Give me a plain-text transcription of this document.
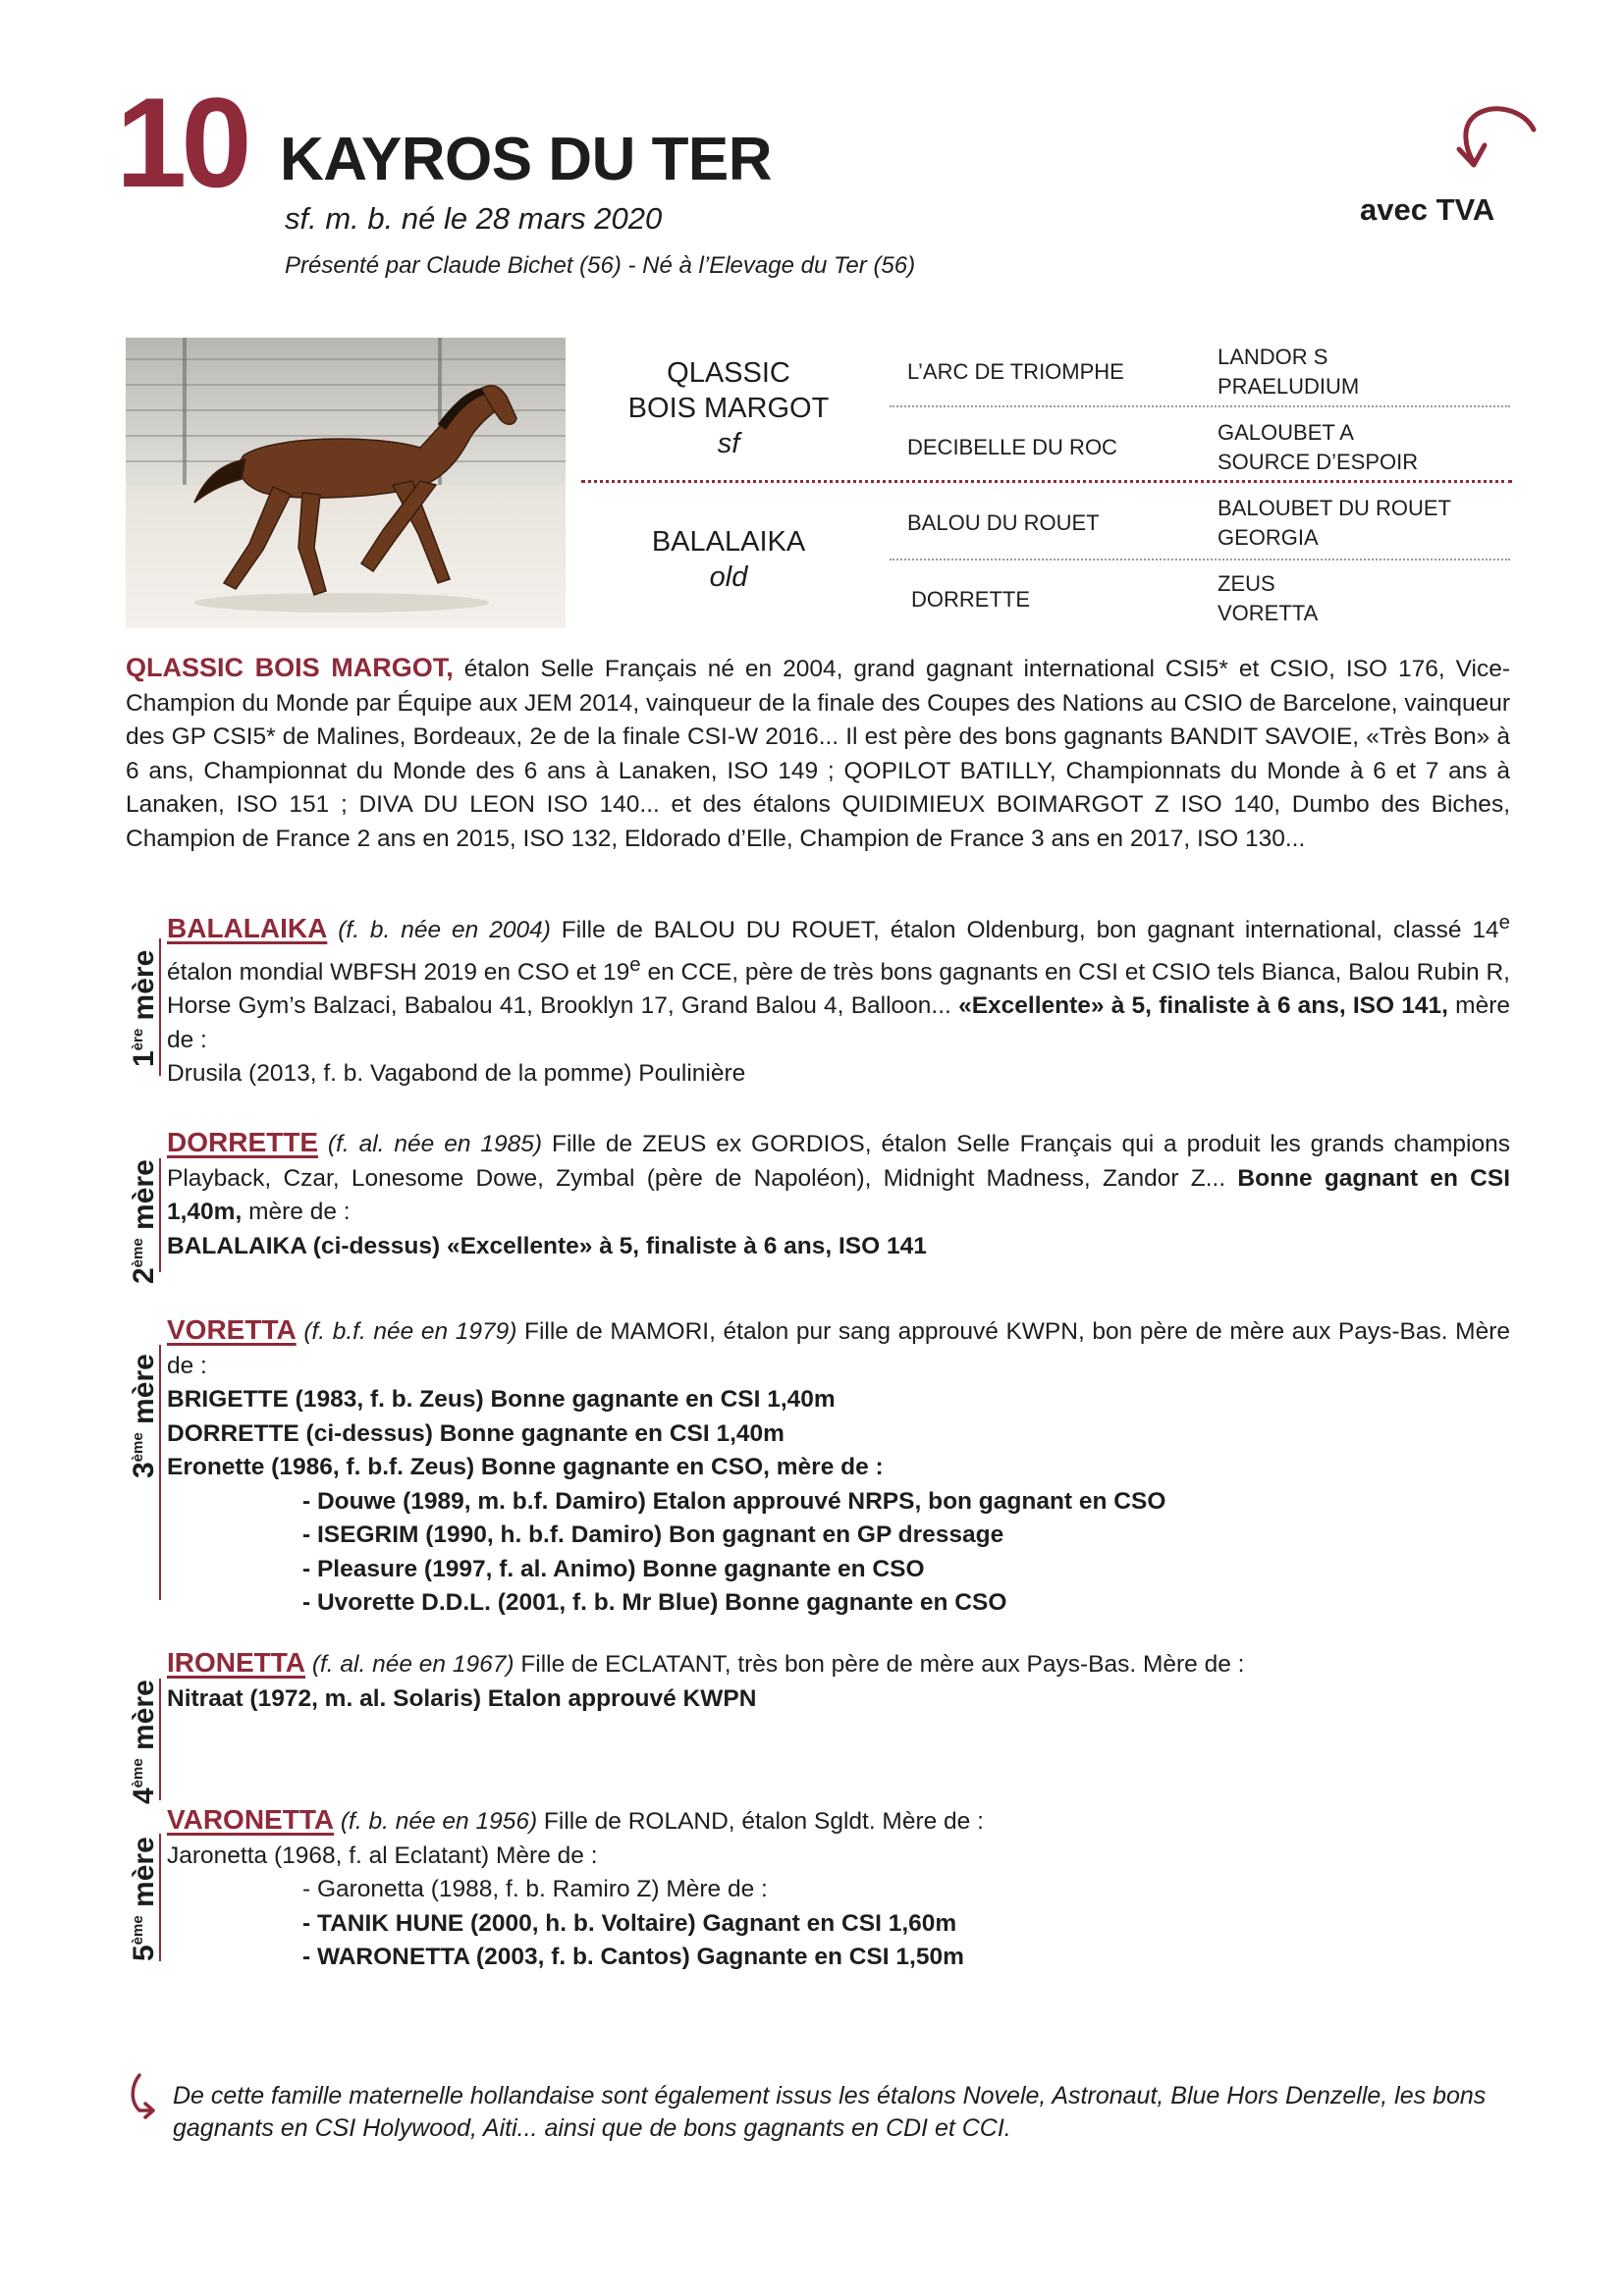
10 KAYROS DU TER
sf. m. b. né le 28 mars 2020
Présenté par Claude Bichet (56) - Né à l’Elevage du Ter (56)
avec TVA
QLASSIC
BOIS MARGOT
sf
BALALAIKA
old
L’ARC DE TRIOMPHE
DECIBELLE DU ROC
BALOU DU ROUET
DORRETTE
LANDOR S
PRAELUDIUM
GALOUBET A
SOURCE D’ESPOIR
BALOUBET DU ROUET
GEORGIA
ZEUS
VORETTA
QLASSIC BOIS MARGOT, étalon Selle Français né en 2004, grand gagnant international CSI5* et CSIO, ISO 176, Vice-Champion du Monde par Équipe aux JEM 2014, vainqueur de la finale des Coupes des Nations au CSIO de Barcelone, vainqueur des GP CSI5* de Malines, Bordeaux, 2e de la finale CSI-W 2016... Il est père des bons gagnants BANDIT SAVOIE, «Très Bon» à 6 ans, Championnat du Monde des 6 ans à Lanaken, ISO 149 ; QOPILOT BATILLY, Championnats du Monde à 6 et 7 ans à Lanaken, ISO 151 ; DIVA DU LEON ISO 140... et des étalons QUIDIMIEUX BOIMARGOT Z ISO 140, Dumbo des Biches, Champion de France 2 ans en 2015, ISO 132, Eldorado d’Elle, Champion de France 3 ans en 2017, ISO 130...
1ère mère
BALALAIKA (f. b. née en 2004) Fille de BALOU DU ROUET, étalon Oldenburg, bon gagnant international, classé 14e étalon mondial WBFSH 2019 en CSO et 19e en CCE, père de très bons gagnants en CSI et CSIO tels Bianca, Balou Rubin R, Horse Gym’s Balzaci, Babalou 41, Brooklyn 17, Grand Balou 4, Balloon... «Excellente» à 5, finaliste à 6 ans, ISO 141, mère de :
Drusila (2013, f. b. Vagabond de la pomme) Poulinière
2ème mère
DORRETTE (f. al. née en 1985) Fille de ZEUS ex GORDIOS, étalon Selle Français qui a produit les grands champions Playback, Czar, Lonesome Dowe, Zymbal (père de Napoléon), Midnight Madness, Zandor Z... Bonne gagnant en CSI 1,40m, mère de :
BALALAIKA (ci-dessus) «Excellente» à 5, finaliste à 6 ans, ISO 141
3ème mère
VORETTA (f. b.f. née en 1979) Fille de MAMORI, étalon pur sang approuvé KWPN, bon père de mère aux Pays-Bas. Mère de :
BRIGETTE (1983, f. b. Zeus) Bonne gagnante en CSI 1,40m
DORRETTE (ci-dessus) Bonne gagnante en CSI 1,40m
Eronette (1986, f. b.f. Zeus) Bonne gagnante en CSO, mère de :
- Douwe (1989, m. b.f. Damiro) Etalon approuvé NRPS, bon gagnant en CSO
- ISEGRIM (1990, h. b.f. Damiro) Bon gagnant en GP dressage
- Pleasure (1997, f. al. Animo) Bonne gagnante en CSO
- Uvorette D.D.L. (2001, f. b. Mr Blue) Bonne gagnante en CSO
4ème mère
IRONETTA (f. al. née en 1967) Fille de ECLATANT, très bon père de mère aux Pays-Bas. Mère de :
Nitraat (1972, m. al. Solaris) Etalon approuvé KWPN
5ème mère
VARONETTA (f. b. née en 1956) Fille de ROLAND, étalon Sgldt. Mère de :
Jaronetta (1968, f. al Eclatant) Mère de :
- Garonetta (1988, f. b. Ramiro Z) Mère de :
- TANIK HUNE (2000, h. b. Voltaire) Gagnant en CSI 1,60m
- WARONETTA (2003, f. b. Cantos) Gagnante en CSI 1,50m
De cette famille maternelle hollandaise sont également issus les étalons Novele, Astronaut, Blue Hors Denzelle, les bons gagnants en CSI Holywood, Aiti... ainsi que de bons gagnants en CDI et CCI.
